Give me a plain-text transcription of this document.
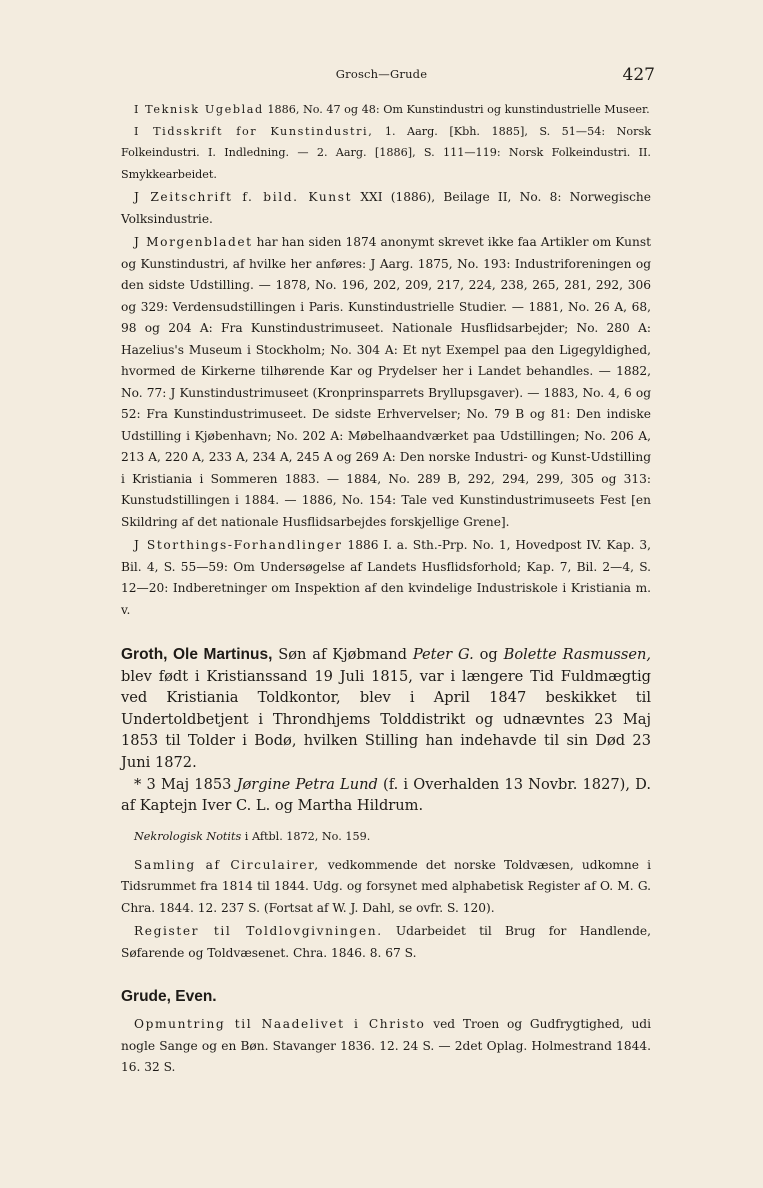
Grosch—Grude	427

I Teknisk Ugeblad 1886, No. 47 og 48: Om Kunstindustri og kunstindustrielle Museer.

I Tidsskrift for Kunstindustri, 1. Aarg. [Kbh. 1885], S. 51—54: Norsk Folkeindustri. I. Indledning. — 2. Aarg. [1886], S. 111—119: Norsk Folkeindustri. II. Smykkearbeidet.

J Zeitschrift f. bild. Kunst XXI (1886), Beilage II, No. 8: Norwegische Volksindustrie.

J Morgenbladet har han siden 1874 anonymt skrevet ikke faa Artikler om Kunst og Kunstindustri, af hvilke her anføres: J Aarg. 1875, No. 193: Industriforeningen og den sidste Udstilling. — 1878, No. 196, 202, 209, 217, 224, 238, 265, 281, 292, 306 og 329: Verdensudstillingen i Paris. Kunstindustrielle Studier. — 1881, No. 26 A, 68, 98 og 204 A: Fra Kunstindustrimuseet. Nationale Husflidsarbejder; No. 280 A: Hazelius's Museum i Stockholm; No. 304 A: Et nyt Exempel paa den Ligegyldighed, hvormed de Kirkerne tilhørende Kar og Prydelser her i Landet behandles. — 1882, No. 77: J Kunstindustrimuseet (Kronprinsparrets Bryllupsgaver). — 1883, No. 4, 6 og 52: Fra Kunstindustrimuseet. De sidste Erhvervelser; No. 79 B og 81: Den indiske Udstilling i Kjøbenhavn; No. 202 A: Møbelhaandværket paa Udstillingen; No. 206 A, 213 A, 220 A, 233 A, 234 A, 245 A og 269 A: Den norske Industri- og Kunst-Udstilling i Kristiania i Sommeren 1883. — 1884, No. 289 B, 292, 294, 299, 305 og 313: Kunstudstillingen i 1884. — 1886, No. 154: Tale ved Kunstindustrimuseets Fest [en Skildring af det nationale Husflidsarbejdes forskjellige Grene].

J Storthings-Forhandlinger 1886 I. a. Sth.-Prp. No. 1, Hovedpost IV. Kap. 3, Bil. 4, S. 55—59: Om Undersøgelse af Landets Husflidsforhold; Kap. 7, Bil. 2—4, S. 12—20: Indberetninger om Inspektion af den kvindelige Industriskole i Kristiania m. v.

Groth, Ole Martinus, Søn af Kjøbmand Peter G. og Bolette Rasmussen, blev født i Kristianssand 19 Juli 1815, var i længere Tid Fuldmægtig ved Kristiania Toldkontor, blev i April 1847 beskikket til Undertoldbetjent i Throndhjems Tolddistrikt og udnævntes 23 Maj 1853 til Tolder i Bodø, hvilken Stilling han indehavde til sin Død 23 Juni 1872.

* 3 Maj 1853 Jørgine Petra Lund (f. i Overhalden 13 Novbr. 1827), D. af Kaptejn Iver C. L. og Martha Hildrum.

Nekrologisk Notits i Aftbl. 1872, No. 159.

Samling af Circulairer, vedkommende det norske Toldvæsen, udkomne i Tidsrummet fra 1814 til 1844. Udg. og forsynet med alphabetisk Register af O. M. G. Chra. 1844. 12. 237 S. (Fortsat af W. J. Dahl, se ovfr. S. 120).

Register til Toldlovgivningen. Udarbeidet til Brug for Handlende, Søfarende og Toldvæsenet. Chra. 1846. 8. 67 S.

Grude, Even.

Opmuntring til Naadelivet i Christo ved Troen og Gudfrygtighed, udi nogle Sange og en Bøn. Stavanger 1836. 12. 24 S. — 2det Oplag. Holmestrand 1844. 16. 32 S.
